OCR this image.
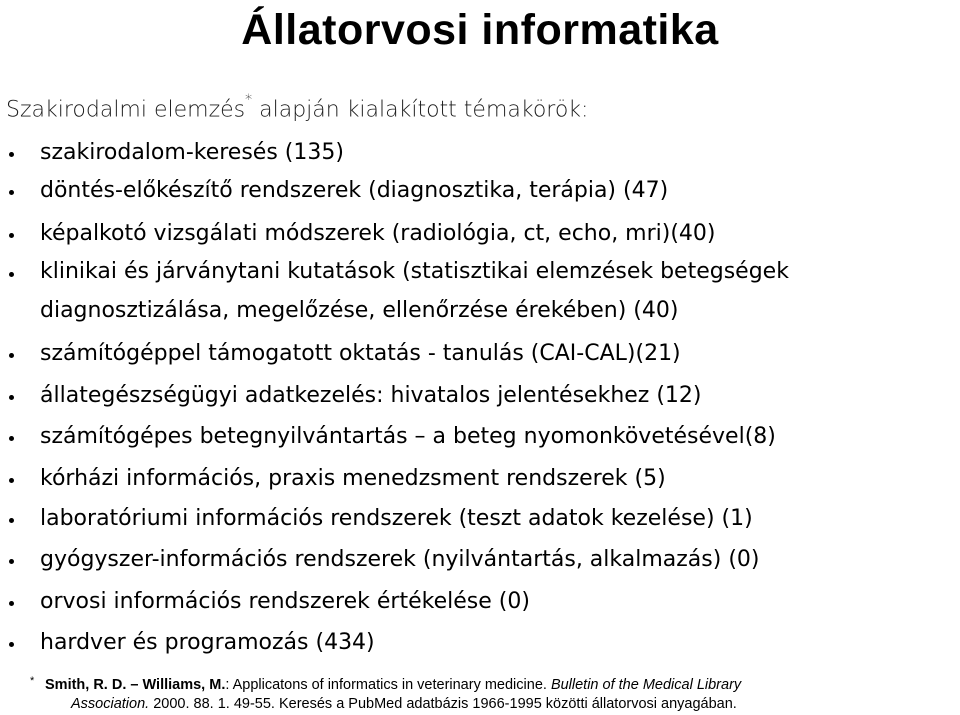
Állatorvosi informatika
Szakirodalmi elemzés* alapján kialakított témakörök:
szakirodalom-keresés (135)
döntés-előkészítő rendszerek (diagnosztika, terápia) (47)
képalkotó vizsgálati módszerek (radiológia, ct, echo, mri)(40)
klinikai és járványtani kutatások (statisztikai elemzések betegségek diagnosztizálása, megelőzése, ellenőrzése érekében) (40)
számítógéppel támogatott oktatás - tanulás (CAI-CAL)(21)
állategészségügyi adatkezelés: hivatalos jelentésekhez (12)
számítógépes betegnyilvántartás – a beteg nyomonkövetésével(8)
kórházi információs, praxis menedzsment rendszerek (5)
laboratóriumi információs rendszerek (teszt adatok kezelése) (1)
gyógyszer-információs rendszerek (nyilvántartás, alkalmazás) (0)
orvosi információs rendszerek értékelése (0)
hardver és programozás (434)
* Smith, R. D. – Williams, M.: Applicatons of informatics in veterinary medicine. Bulletin of the Medical Library
Association. 2000. 88. 1. 49-55. Keresés a PubMed adatbázis 1966-1995 közötti állatorvosi anyagában.
